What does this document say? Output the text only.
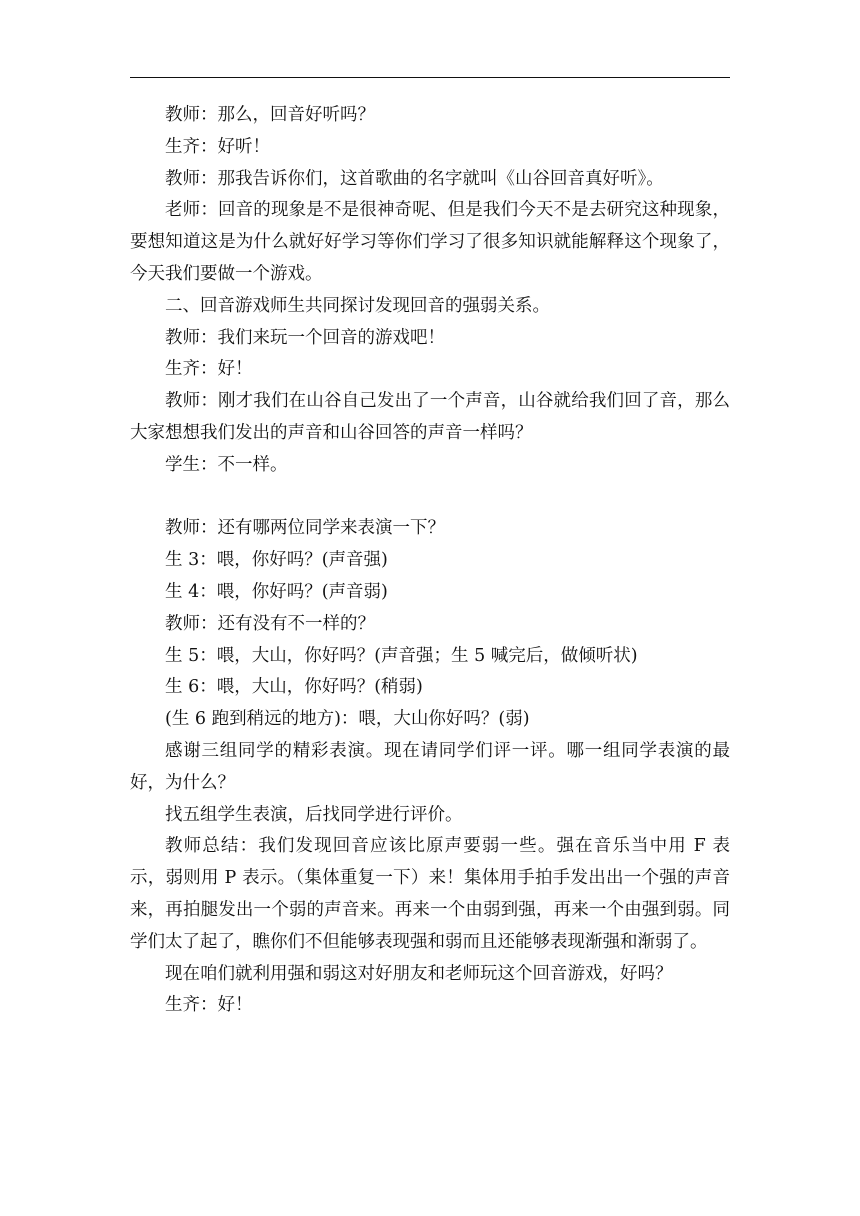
教师：那么，回音好听吗？

生齐：好听！

教师：那我告诉你们，这首歌曲的名字就叫《山谷回音真好听》。

老师：回音的现象是不是很神奇呢、但是我们今天不是去研究这种现象，要想知道这是为什么就好好学习等你们学习了很多知识就能解释这个现象了，今天我们要做一个游戏。

二、回音游戏师生共同探讨发现回音的强弱关系。

教师：我们来玩一个回音的游戏吧！

生齐：好！

教师：刚才我们在山谷自己发出了一个声音，山谷就给我们回了音，那么大家想想我们发出的声音和山谷回答的声音一样吗？

学生：不一样。

教师：还有哪两位同学来表演一下？

生 3：喂，你好吗？(声音强)

生 4：喂，你好吗？(声音弱)

教师：还有没有不一样的？

生 5：喂，大山，你好吗？(声音强；生 5 喊完后，做倾听状)

生 6：喂，大山，你好吗？(稍弱)

(生 6 跑到稍远的地方)：喂，大山你好吗？(弱)

感谢三组同学的精彩表演。现在请同学们评一评。哪一组同学表演的最好，为什么？

找五组学生表演，后找同学进行评价。

教师总结：我们发现回音应该比原声要弱一些。强在音乐当中用 F 表示，弱则用 P 表示。（集体重复一下）来！集体用手拍手发出出一个强的声音来，再拍腿发出一个弱的声音来。再来一个由弱到强，再来一个由强到弱。同学们太了起了，瞧你们不但能够表现强和弱而且还能够表现渐强和渐弱了。

现在咱们就利用强和弱这对好朋友和老师玩这个回音游戏，好吗？

生齐：好！
